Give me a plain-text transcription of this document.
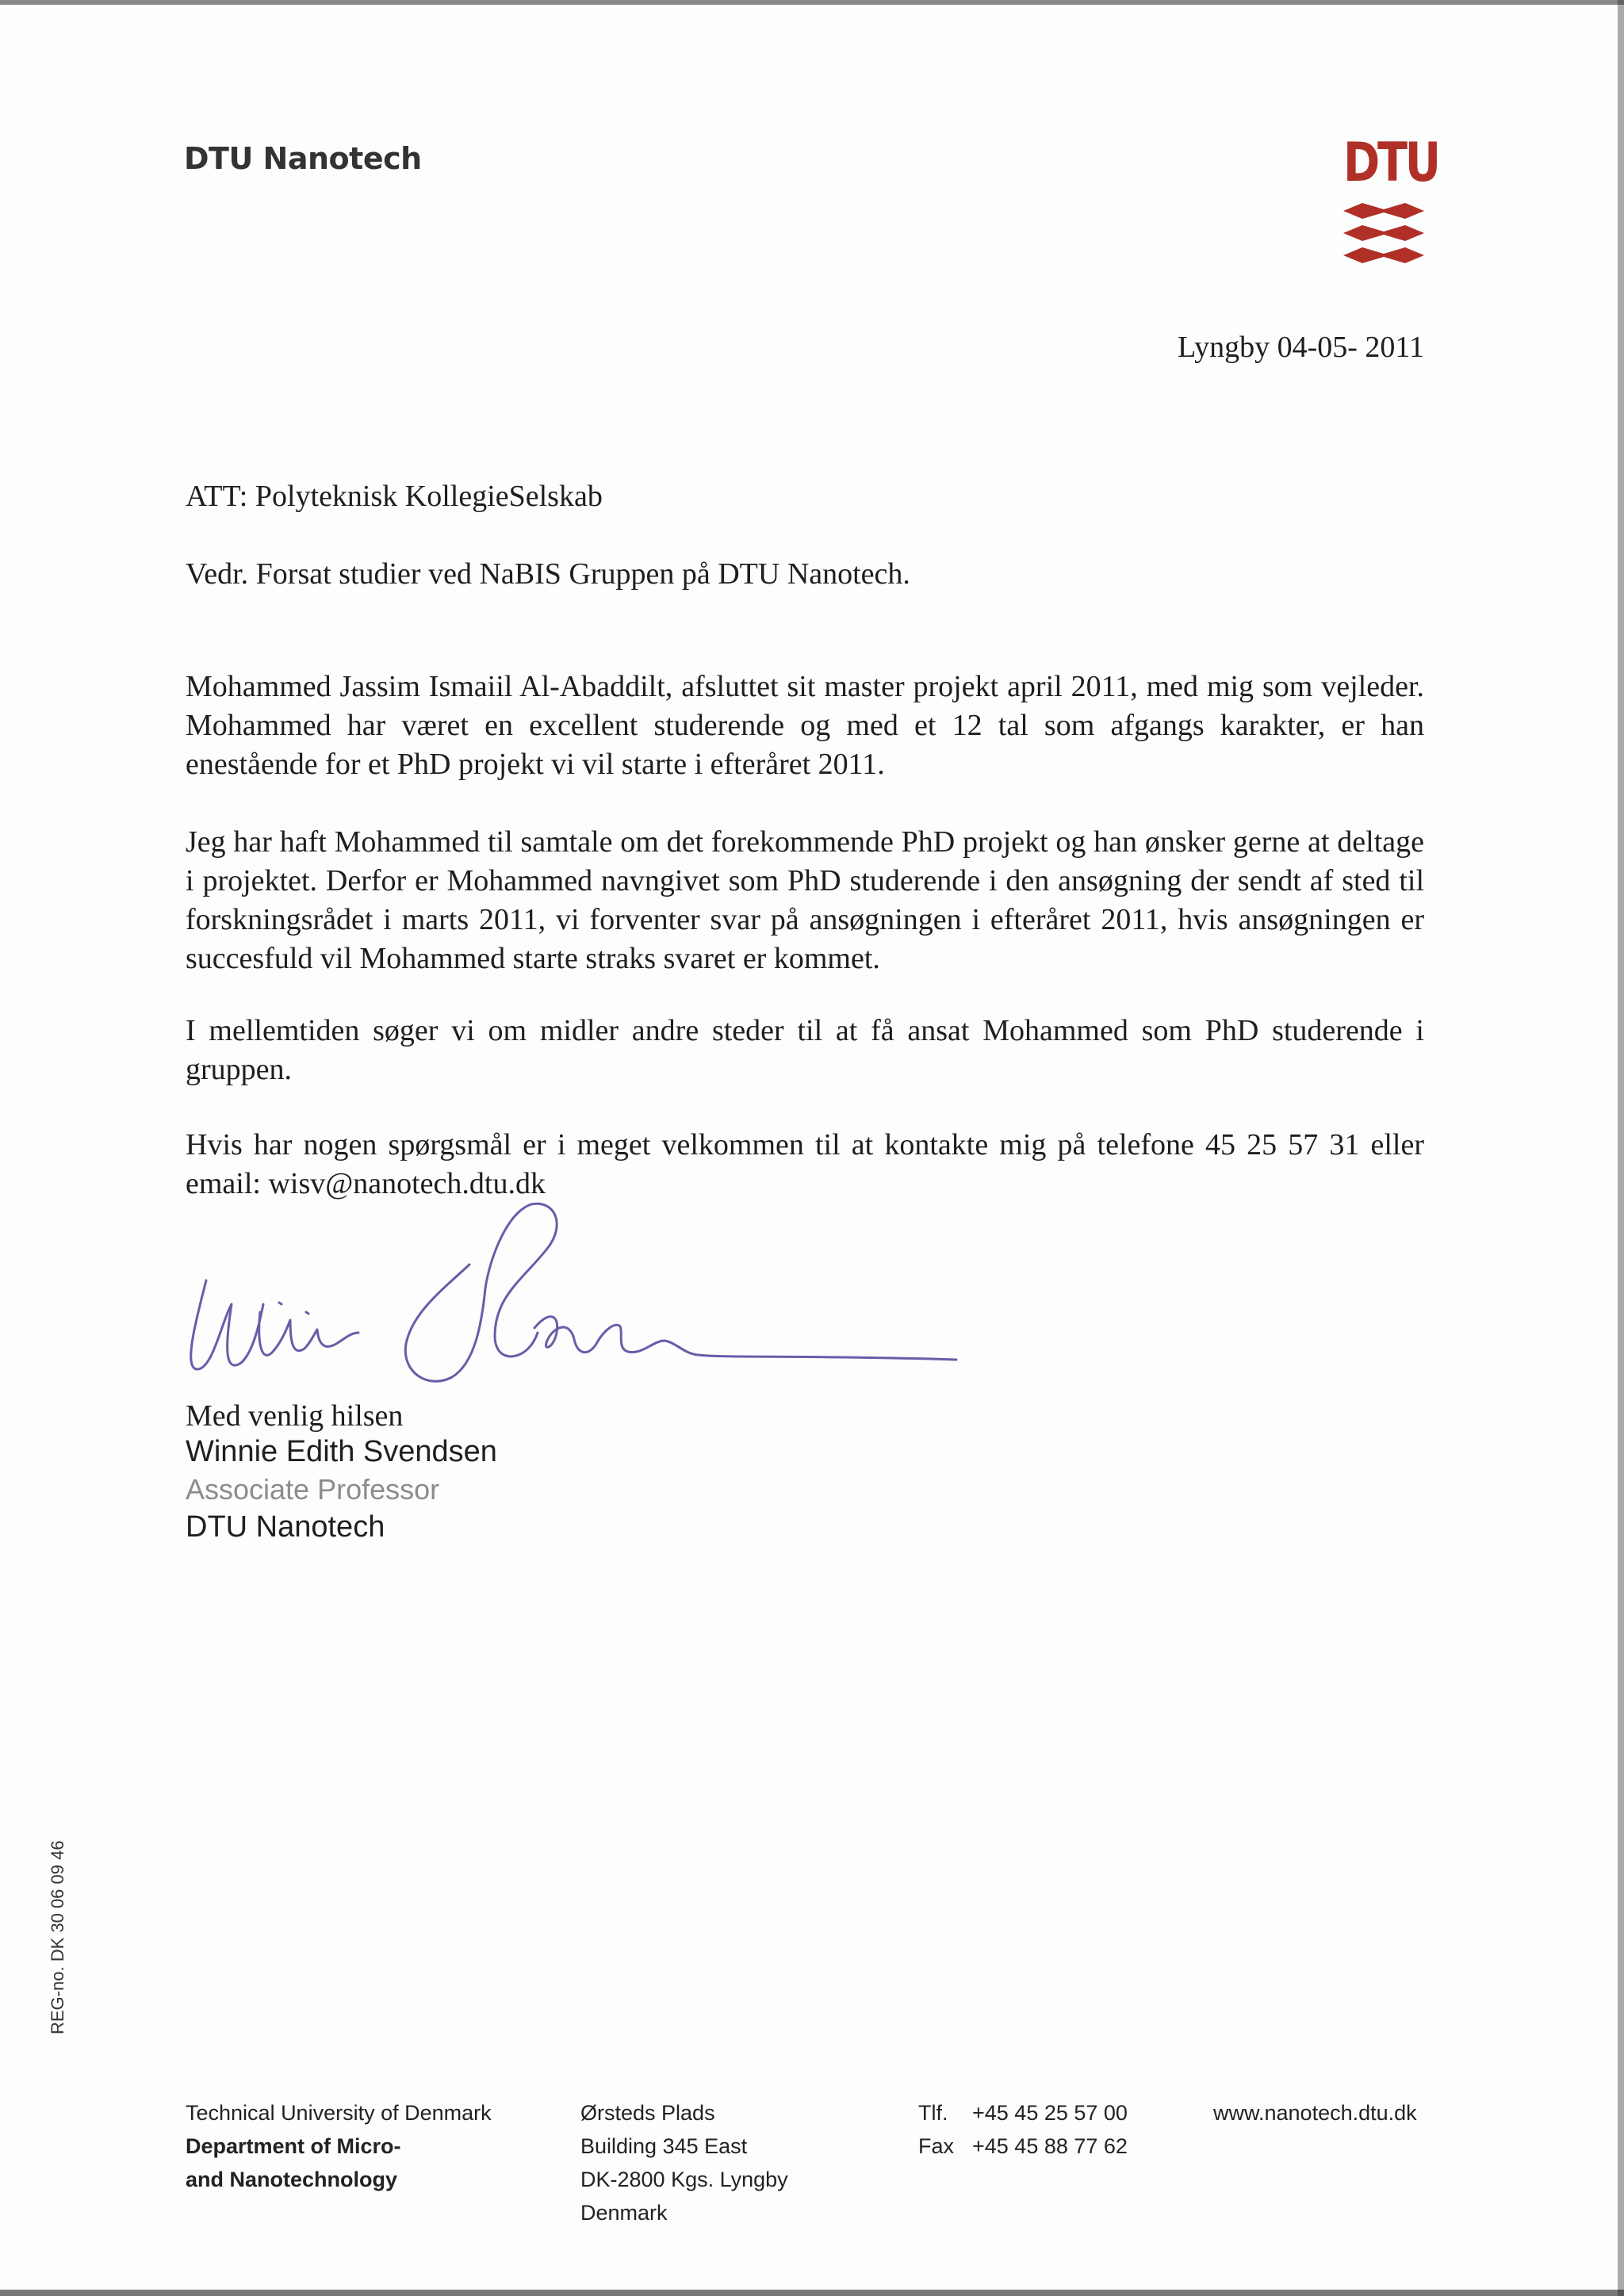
DTU Nanotech	DTU
Lyngby 04-05- 2011
ATT: Polyteknisk KollegieSelskab
Vedr. Forsat studier ved NaBIS Gruppen på DTU Nanotech.

Mohammed Jassim Ismaiil Al-Abaddilt, afsluttet sit master projekt april 2011, med mig som vejleder. Mohammed har været en excellent studerende og med et 12 tal som afgangs karakter, er han enestående for et PhD projekt vi vil starte i efteråret 2011.

Jeg har haft Mohammed til samtale om det forekommende PhD projekt og han ønsker gerne at deltage i projektet. Derfor er Mohammed navngivet som PhD studerende i den ansøgning der sendt af sted til forskningsrådet i marts 2011, vi forventer svar på ansøgningen i efteråret 2011, hvis ansøgningen er succesfuld vil Mohammed starte straks svaret er kommet.

I mellemtiden søger vi om midler andre steder til at få ansat Mohammed som PhD studerende i gruppen.

Hvis har nogen spørgsmål er i meget velkommen til at kontakte mig på telefone 45 25 57 31 eller email: wisv@nanotech.dtu.dk

Med venlig hilsen
Winnie Edith Svendsen
Associate Professor
DTU Nanotech
REG-no. DK 30 06 09 46
Technical University of Denmark
Department of Micro-
and Nanotechnology
Ørsteds Plads
Building 345 East
DK-2800 Kgs. Lyngby
Denmark
Tlf.	+45 45 25 57 00
Fax +45 45 88 77 62
www.nanotech.dtu.dk
